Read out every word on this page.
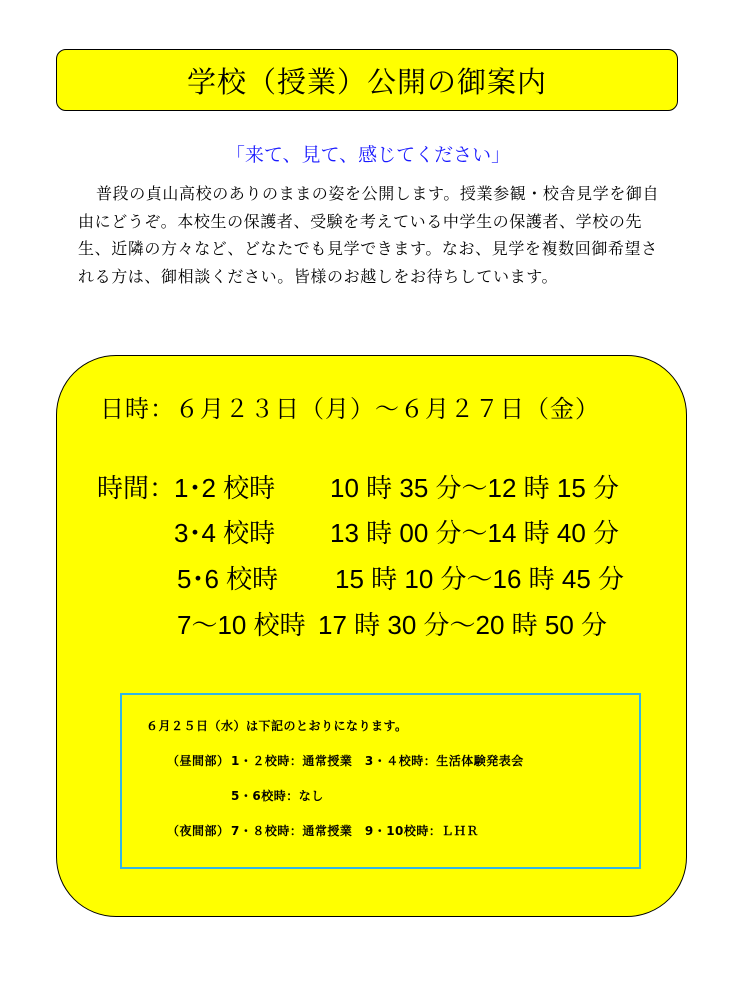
学校（授業）公開の御案内
「来て、見て、感じてください」
普段の貞山高校のありのままの姿を公開します。授業参観・校舎見学を御自由にどうぞ。本校生の保護者、受験を考えている中学生の保護者、学校の先生、近隣の方々など、どなたでも見学できます。なお、見学を複数回御希望される方は、御相談ください。皆様のお越しをお待ちしています。
日時：６月２３日（月）～６月２７日（金）
時間：
1･2 校時 10 時 35 分～12 時 15 分
3･4 校時 13 時 00 分～14 時 40 分
5･6 校時 15 時 10 分～16 時 45 分
7～10 校時 17 時 30 分～20 時 50 分
６月２５日（水）は下記のとおりになります。
（昼間部） 1・２校時：通常授業　3・４校時：生活体験発表会
5・6校時：なし
（夜間部） 7・８校時：通常授業　9・10校時：ＬＨＲ
